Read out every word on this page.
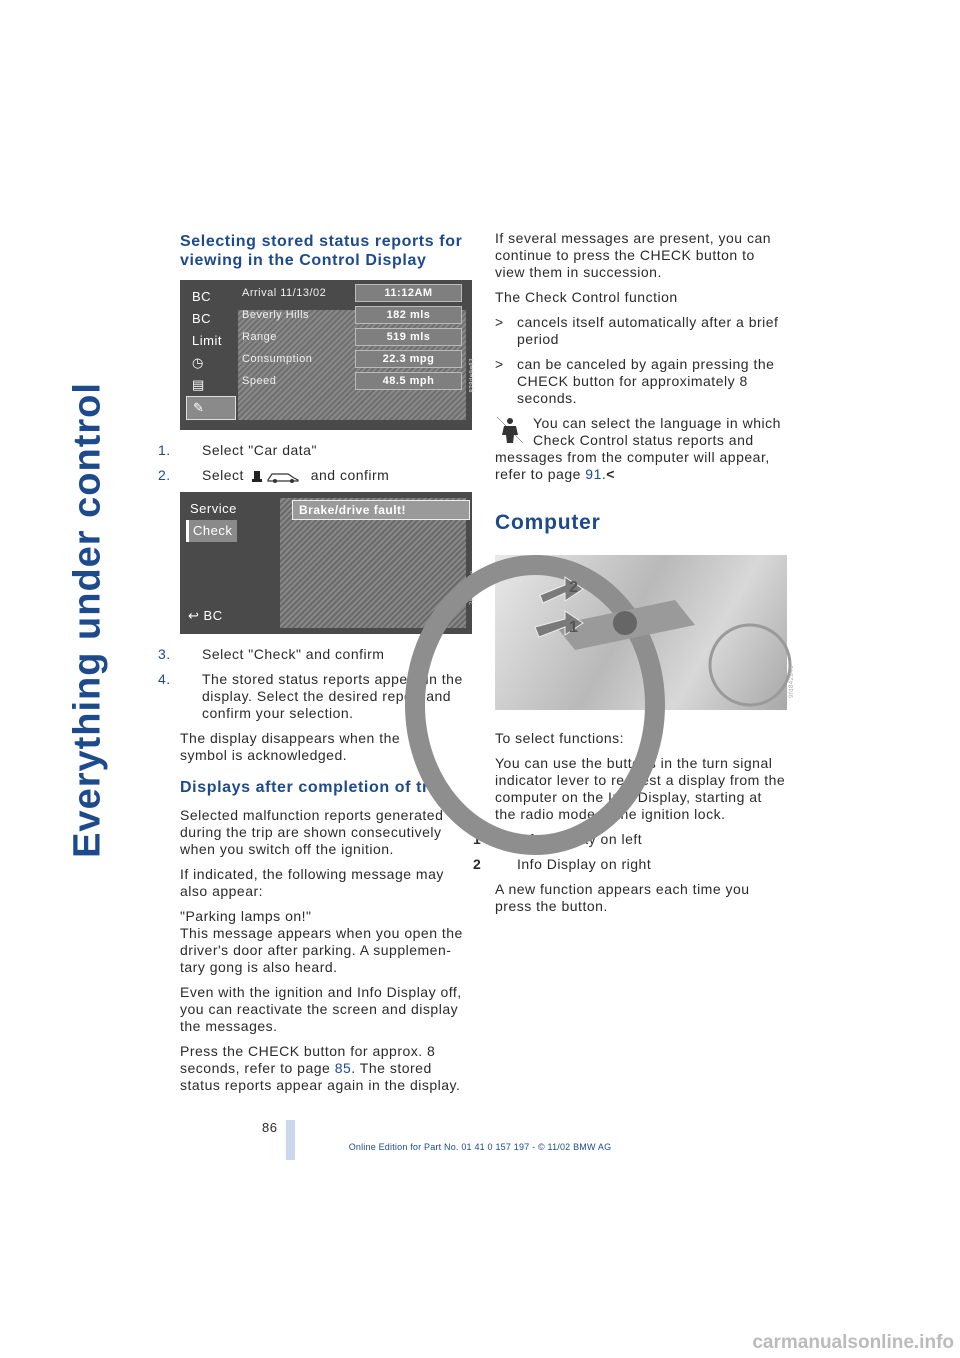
Everything under control
Selecting stored status reports for viewing in the Control Display
BC
BC
Limit
◷
▤
✎
Arrival 11/13/02	11:12AM
Beverly Hills	182 mls
Range	519 mls
Consumption	22.3 mpg
Speed	48.5 mph	828de9e83

1. Select "Car data"

2. Select	and confirm

Brake/drive fault!
Service
Check
↩ BC
7kt4d4ra4n

3. Select "Check" and confirm

4. The stored status reports appear in the display. Select the desired report and confirm your selection.

The display disappears when the ⇄ symbol is acknowledged.

Displays after completion of trip

Selected malfunction reports generated during the trip are shown consecutively when you switch off the ignition.

If indicated, the following message may also appear:

"Parking lamps on!"
This message appears when you open the driver's door after parking. A supplemen-tary gong is also heard.

Even with the ignition and Info Display off, you can reactivate the screen and display the messages.

Press the CHECK button for approx. 8 seconds, refer to page 85. The stored status reports appear again in the display.

If several messages are present, you can continue to press the CHECK button to view them in succession.

The Check Control function

> cancels itself automatically after a brief period

> can be canceled by again pressing the CHECK button for approximately 8 seconds.

You can select the language in which Check Control status reports and messages from the computer will appear, refer to page 91.<

Computer
2
1
9fd842846

To select functions:

You can use the buttons in the turn signal indicator lever to request a display from the computer on the Info Display, starting at the radio mode in the ignition lock.

1	Info Display on left

2	Info Display on right

A new function appears each time you press the button.

86
Online Edition for Part No. 01 41 0 157 197 - © 11/02 BMW AG
carmanualsonline.info
